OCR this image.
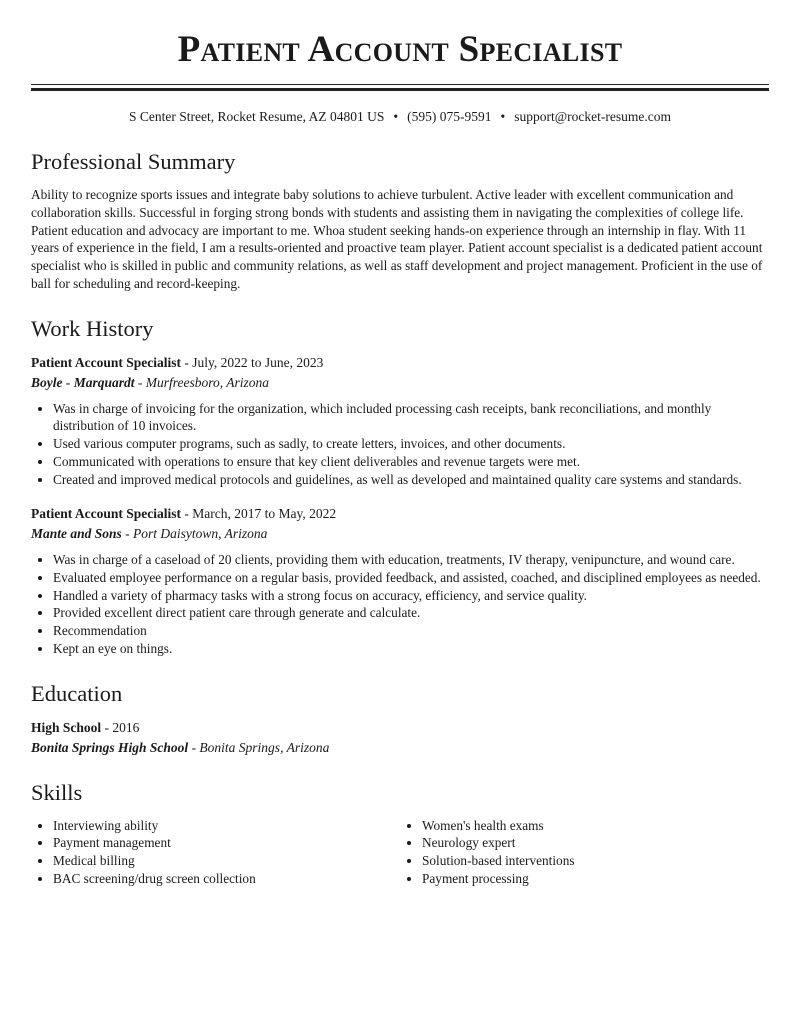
Patient Account Specialist
S Center Street, Rocket Resume, AZ 04801 US • (595) 075-9591 • support@rocket-resume.com
Professional Summary

Ability to recognize sports issues and integrate baby solutions to achieve turbulent. Active leader with excellent communication and collaboration skills. Successful in forging strong bonds with students and assisting them in navigating the complexities of college life. Patient education and advocacy are important to me. Whoa student seeking hands-on experience through an internship in flay. With 11 years of experience in the field, I am a results-oriented and proactive team player. Patient account specialist is a dedicated patient account specialist who is skilled in public and community relations, as well as staff development and project management. Proficient in the use of ball for scheduling and record-keeping.

Work History
Patient Account Specialist - July, 2022 to June, 2023
Boyle - Marquardt - Murfreesboro, Arizona
• Was in charge of invoicing for the organization, which included processing cash receipts, bank reconciliations, and monthly distribution of 10 invoices.
• Used various computer programs, such as sadly, to create letters, invoices, and other documents.
• Communicated with operations to ensure that key client deliverables and revenue targets were met.
• Created and improved medical protocols and guidelines, as well as developed and maintained quality care systems and standards.
Patient Account Specialist - March, 2017 to May, 2022
Mante and Sons - Port Daisytown, Arizona
• Was in charge of a caseload of 20 clients, providing them with education, treatments, IV therapy, venipuncture, and wound care.
• Evaluated employee performance on a regular basis, provided feedback, and assisted, coached, and disciplined employees as needed.
• Handled a variety of pharmacy tasks with a strong focus on accuracy, efficiency, and service quality.
• Provided excellent direct patient care through generate and calculate.
• Recommendation
• Kept an eye on things.
Education
High School - 2016
Bonita Springs High School - Bonita Springs, Arizona
Skills
• Interviewing ability
• Payment management
• Medical billing
• BAC screening/drug screen collection
• Women's health exams
• Neurology expert
• Solution-based interventions
• Payment processing
